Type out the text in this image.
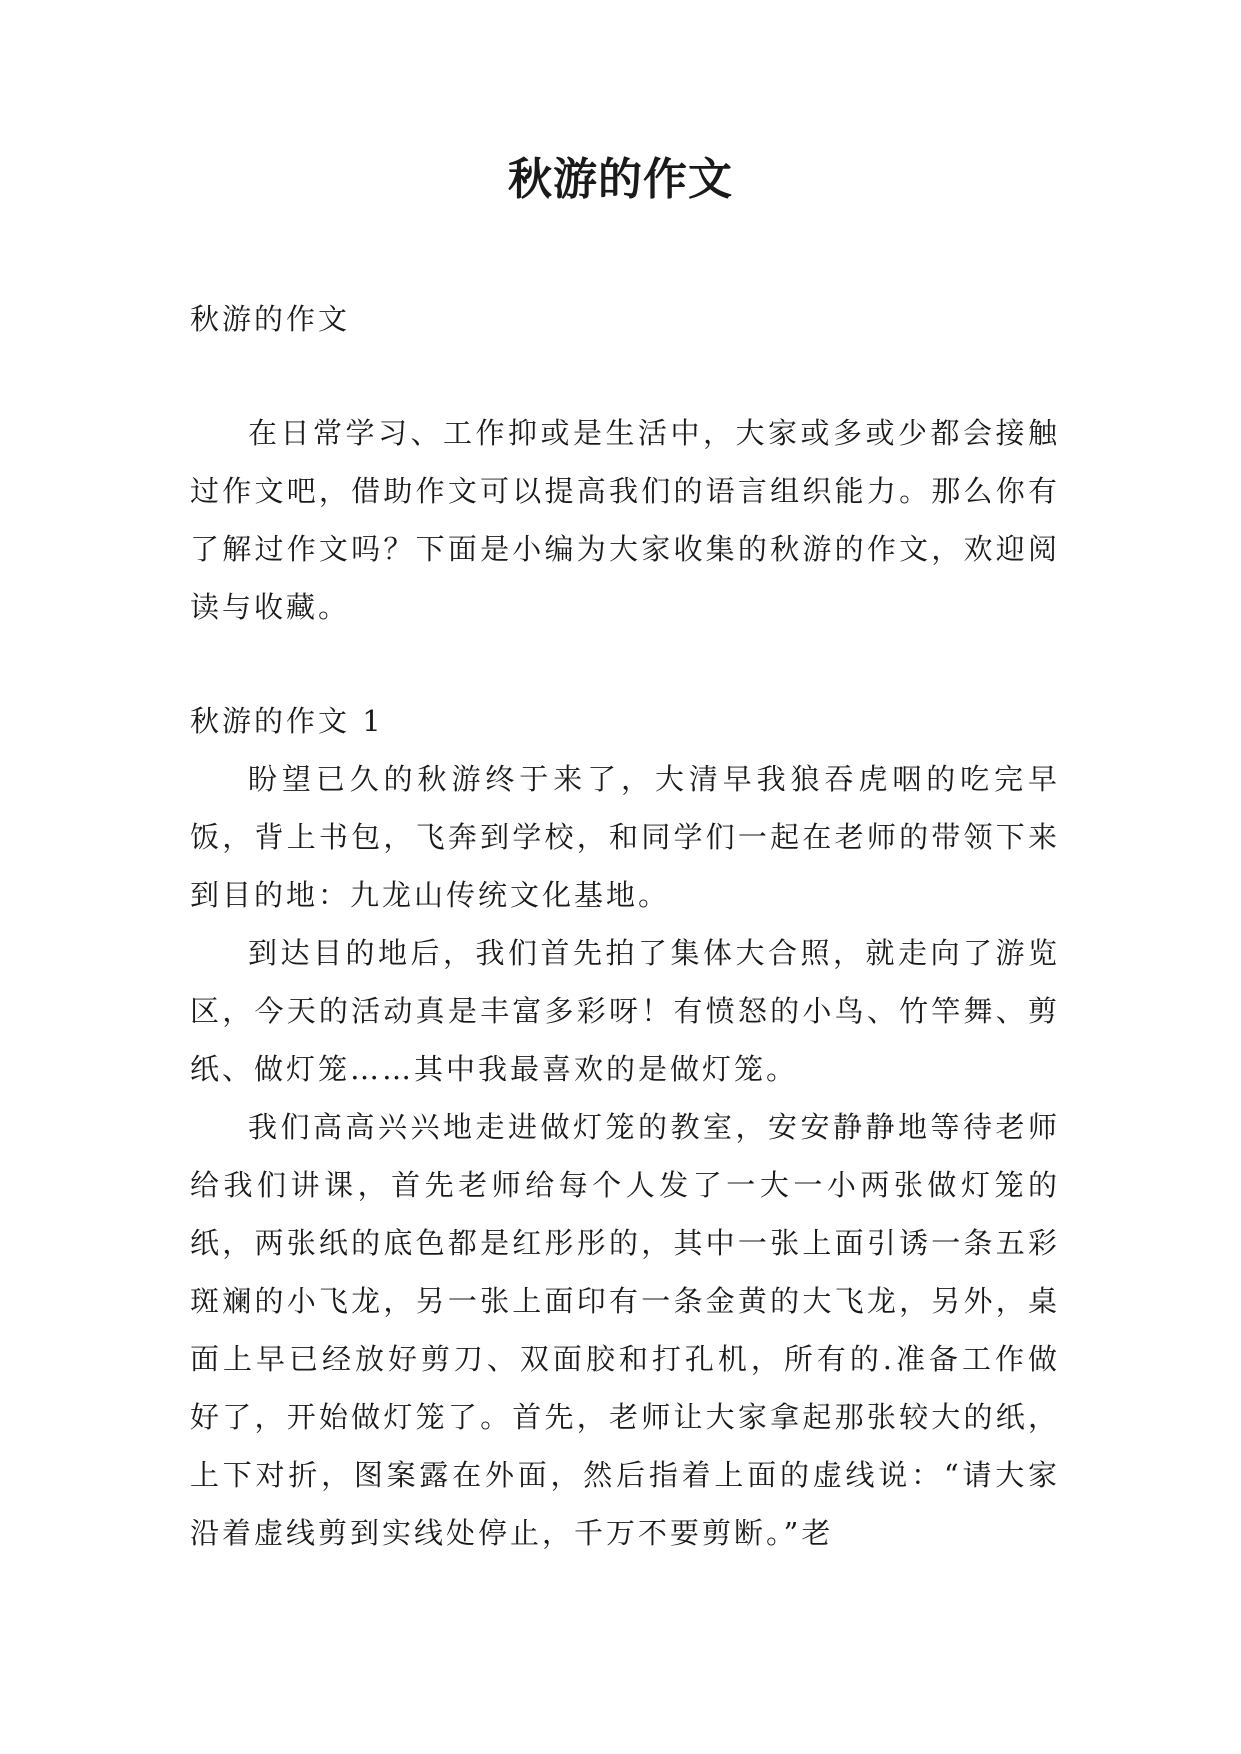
秋游的作文

秋游的作文

在日常学习、工作抑或是生活中，大家或多或少都会接触过作文吧，借助作文可以提高我们的语言组织能力。那么你有了解过作文吗？下面是小编为大家收集的秋游的作文，欢迎阅读与收藏。

秋游的作文 1

盼望已久的秋游终于来了，大清早我狼吞虎咽的吃完早饭，背上书包，飞奔到学校，和同学们一起在老师的带领下来到目的地：九龙山传统文化基地。

到达目的地后，我们首先拍了集体大合照，就走向了游览区，今天的活动真是丰富多彩呀！有愤怒的小鸟、竹竿舞、剪纸、做灯笼……其中我最喜欢的是做灯笼。

我们高高兴兴地走进做灯笼的教室，安安静静地等待老师给我们讲课，首先老师给每个人发了一大一小两张做灯笼的纸，两张纸的底色都是红彤彤的，其中一张上面引诱一条五彩斑斓的小飞龙，另一张上面印有一条金黄的大飞龙，另外，桌面上早已经放好剪刀、双面胶和打孔机，所有的.准备工作做好了，开始做灯笼了。首先，老师让大家拿起那张较大的纸，上下对折，图案露在外面，然后指着上面的虚线说：“请大家沿着虚线剪到实线处停止，千万不要剪断。”老
